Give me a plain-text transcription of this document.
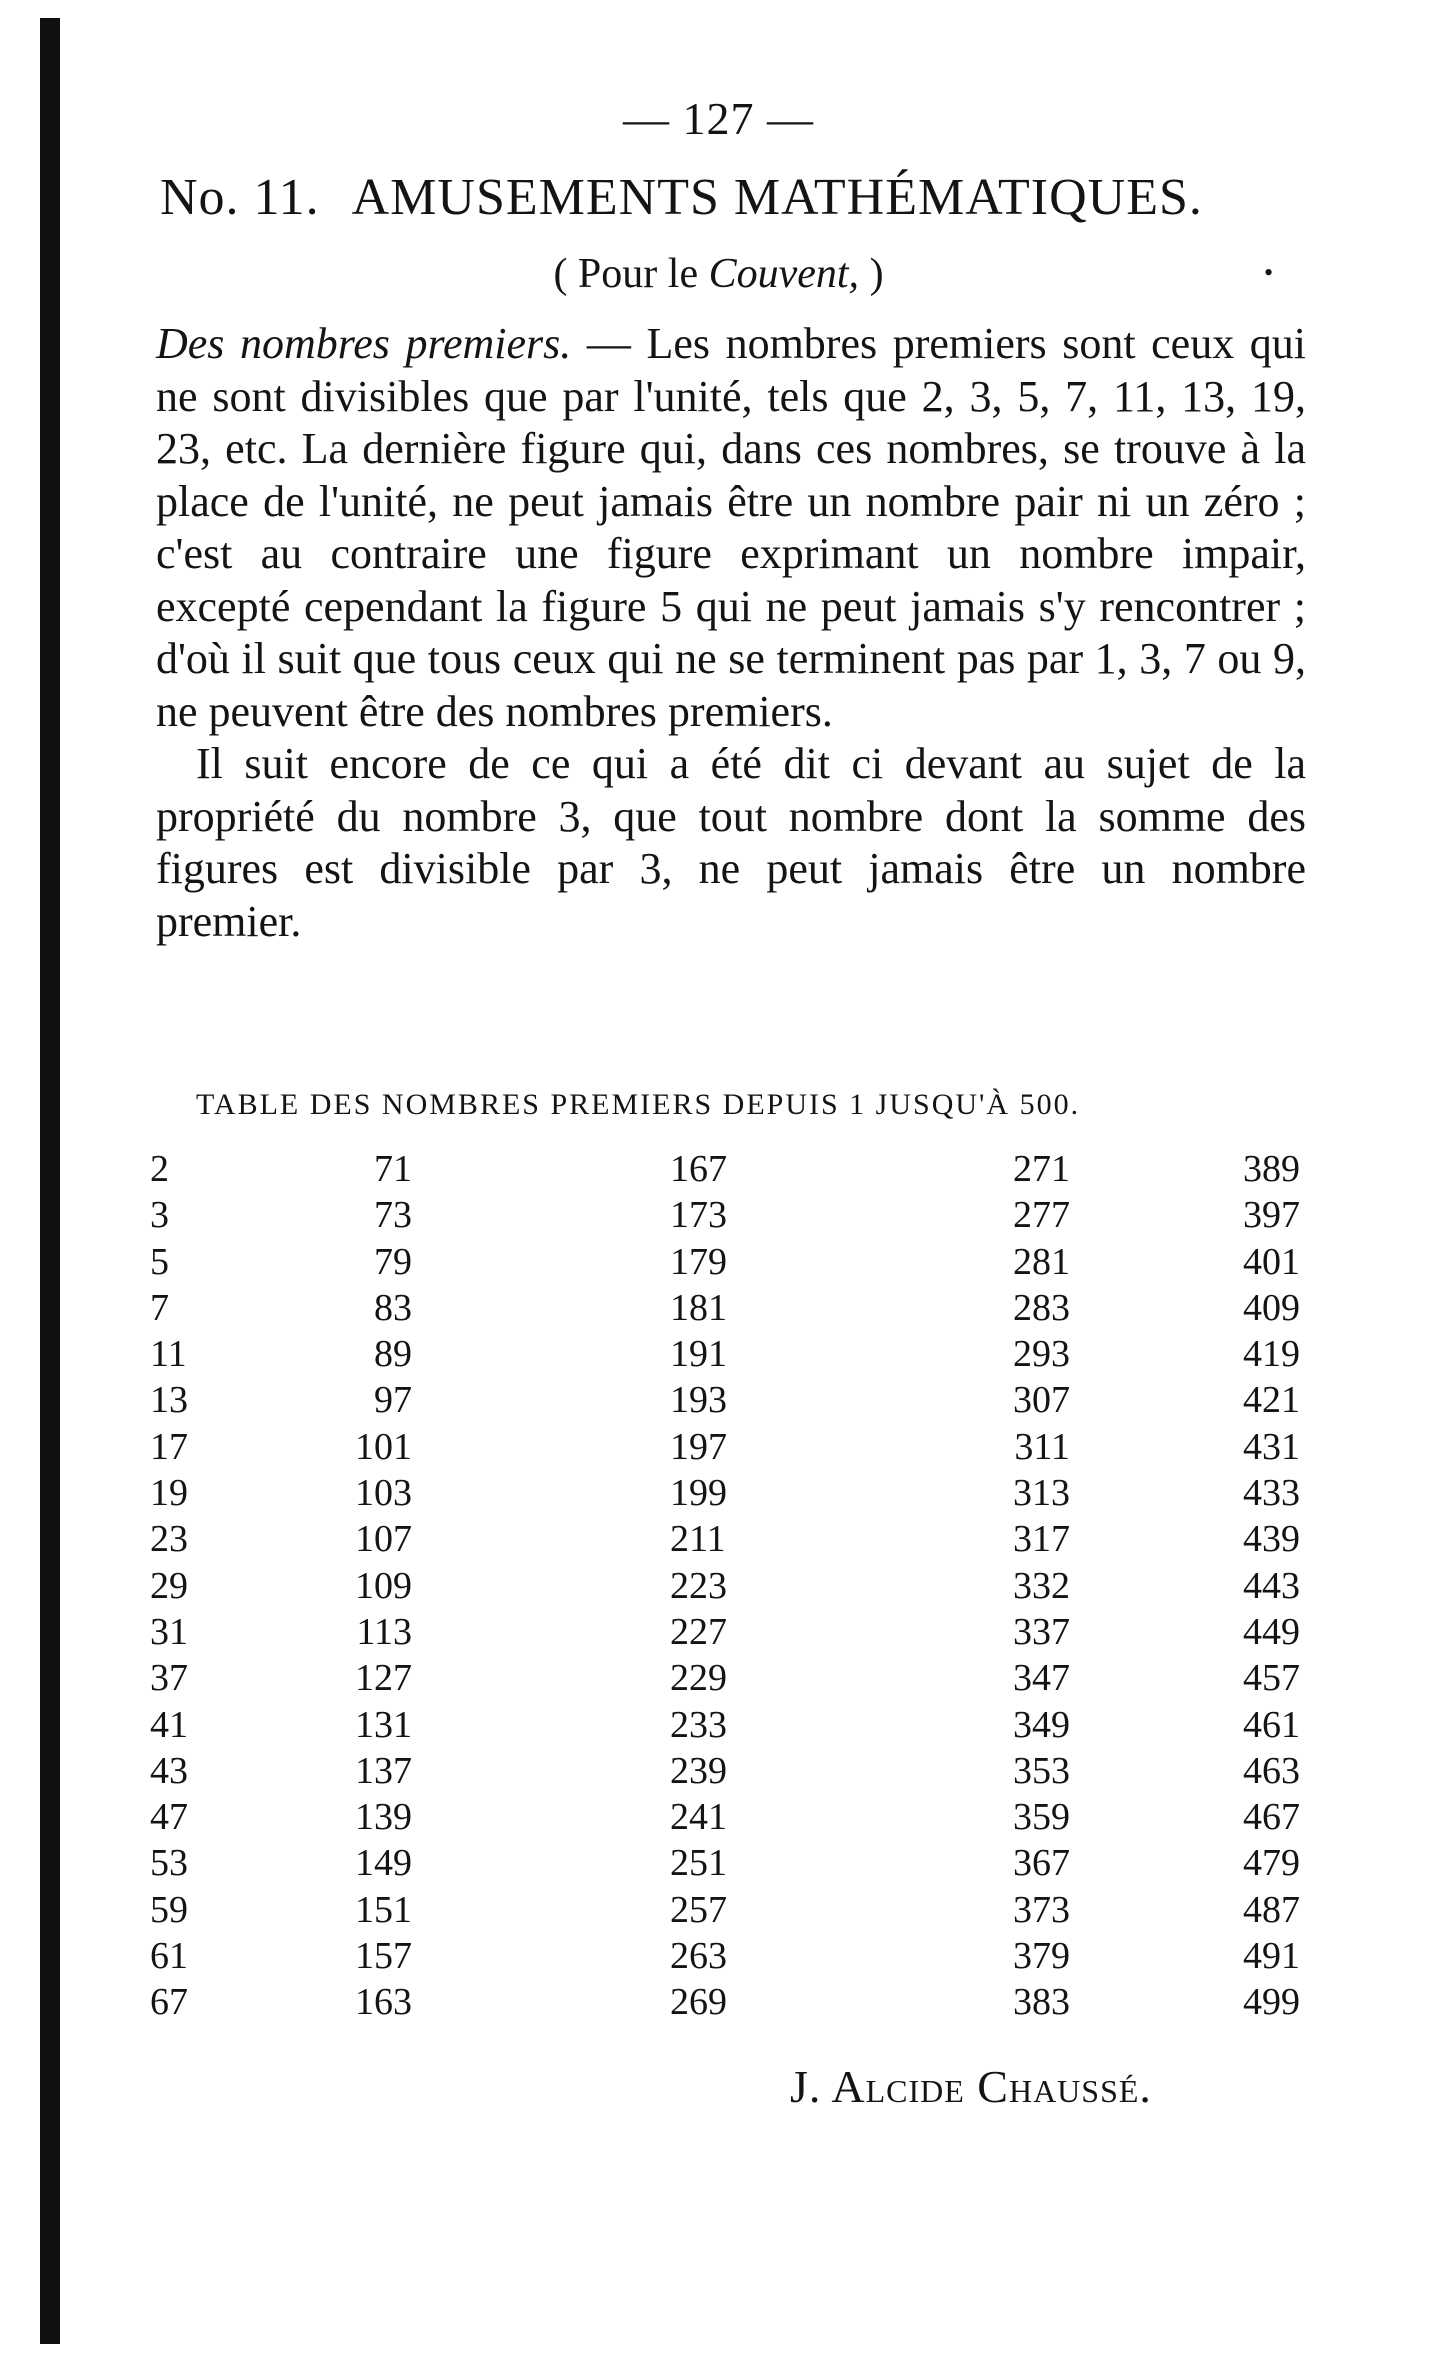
— 127 —
No. 11. AMUSEMENTS MATHÉMATIQUES.
( Pour le Couvent, )	•

Des nombres premiers. — Les nombres premiers sont ceux qui ne sont divisibles que par l'unité, tels que 2, 3, 5, 7, 11, 13, 19, 23, etc. La dernière figure qui, dans ces nombres, se trouve à la place de l'unité, ne peut jamais être un nombre pair ni un zéro ; c'est au contraire une figure exprimant un nombre impair, excepté cependant la figure 5 qui ne peut jamais s'y rencontrer ; d'où il suit que tous ceux qui ne se terminent pas par 1, 3, 7 ou 9, ne peuvent être des nombres premiers.

Il suit encore de ce qui a été dit ci devant au sujet de la propriété du nombre 3, que tout nombre dont la somme des figures est divisible par 3, ne peut jamais être un nombre premier.

TABLE DES NOMBRES PREMIERS DEPUIS 1 JUSQU'À 500.
2
3
5
7
11
13
17
19
23
29
31
37
41
43
47
53
59
61
67
71
73
79
83
89
97
101
103
107
109
113
127
131
137
139
149
151
157
163
167
173
179
181
191
193
197
199
211
223
227
229
233
239
241
251
257
263
269
271
277
281
283
293
307
311
313
317
332
337
347
349
353
359
367
373
379
383
389
397
401
409
419
421
431
433
439
443
449
457
461
463
467
479
487
491
499
J. Alcide Chaussé.
